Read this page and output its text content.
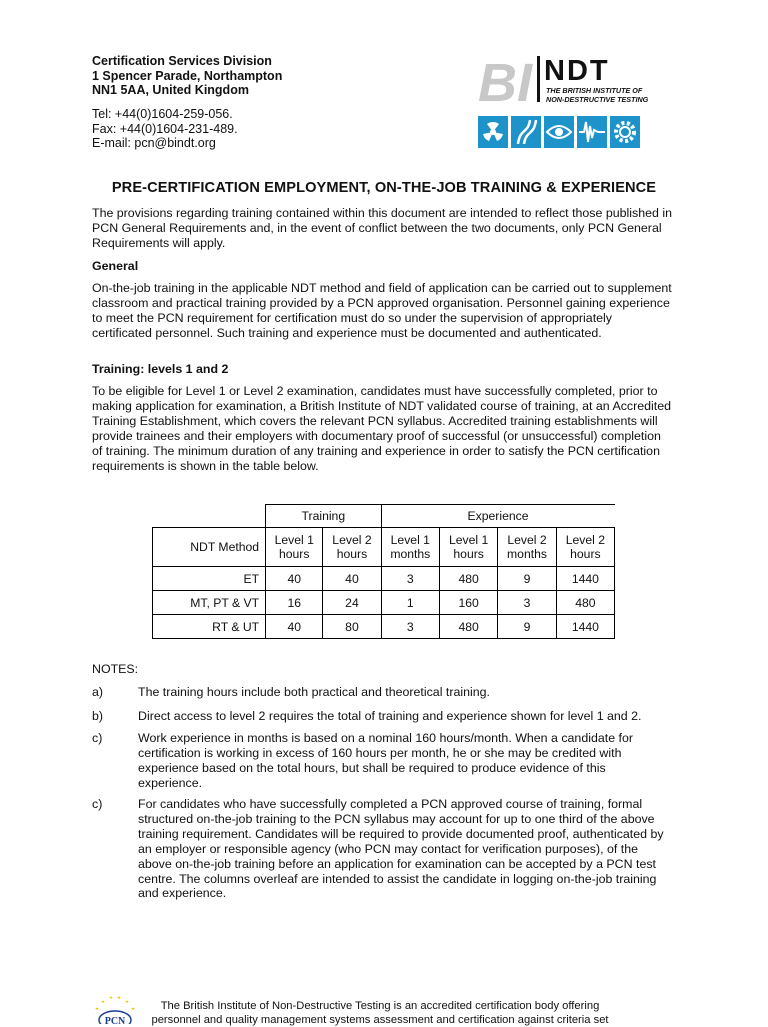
Certification Services Division
1 Spencer Parade, Northampton
NN1 5AA, United Kingdom
Tel: +44(0)1604-259-056.
Fax: +44(0)1604-231-489.
E-mail: pcn@bindt.org
BI NDT
THE BRITISH INSTITUTE OF
NON-DESTRUCTIVE TESTING
PRE-CERTIFICATION EMPLOYMENT, ON-THE-JOB TRAINING & EXPERIENCE

The provisions regarding training contained within this document are intended to reflect those published in PCN General Requirements and, in the event of conflict between the two documents, only PCN General Requirements will apply.

General

On-the-job training in the applicable NDT method and field of application can be carried out to supplement classroom and practical training provided by a PCN approved organisation. Personnel gaining experience to meet the PCN requirement for certification must do so under the supervision of appropriately certificated personnel. Such training and experience must be documented and authenticated.

Training: levels 1 and 2

To be eligible for Level 1 or Level 2 examination, candidates must have successfully completed, prior to making application for examination, a British Institute of NDT validated course of training, at an Accredited Training Establishment, which covers the relevant PCN syllabus. Accredited training establishments will provide trainees and their employers with documentary proof of successful (or unsuccessful) completion of training. The minimum duration of any training and experience in order to satisfy the PCN certification requirements is shown in the table below.

	Training		Experience			
NDT Method	Level 1 hours	Level 2 hours	Level 1 months	Level 1 hours	Level 2 months	Level 2 hours
ET	40	40	3	480	9	1440
MT, PT & VT	16	24	1	160	3	480
RT & UT	40	80	3	480	9	1440
NOTES:
a)	The training hours include both practical and theoretical training.
b)	Direct access to level 2 requires the total of training and experience shown for level 1 and 2.
c)	Work experience in months is based on a nominal 160 hours/month. When a candidate for certification is working in excess of 160 hours per month, he or she may be credited with experience based on the total hours, but shall be required to produce evidence of this experience.
c)	For candidates who have successfully completed a PCN approved course of training, formal structured on-the-job training to the PCN syllabus may account for up to one third of the above training requirement. Candidates will be required to provide documented proof, authenticated by an employer or responsible agency (who PCN may contact for verification purposes), of the above on-the-job training before an application for examination can be accepted by a PCN test centre. The columns overleaf are intended to assist the candidate in logging on-the-job training and experience.
PCN
The British Institute of Non-Destructive Testing is an accredited certification body offering personnel and quality management systems assessment and certification against criteria set
